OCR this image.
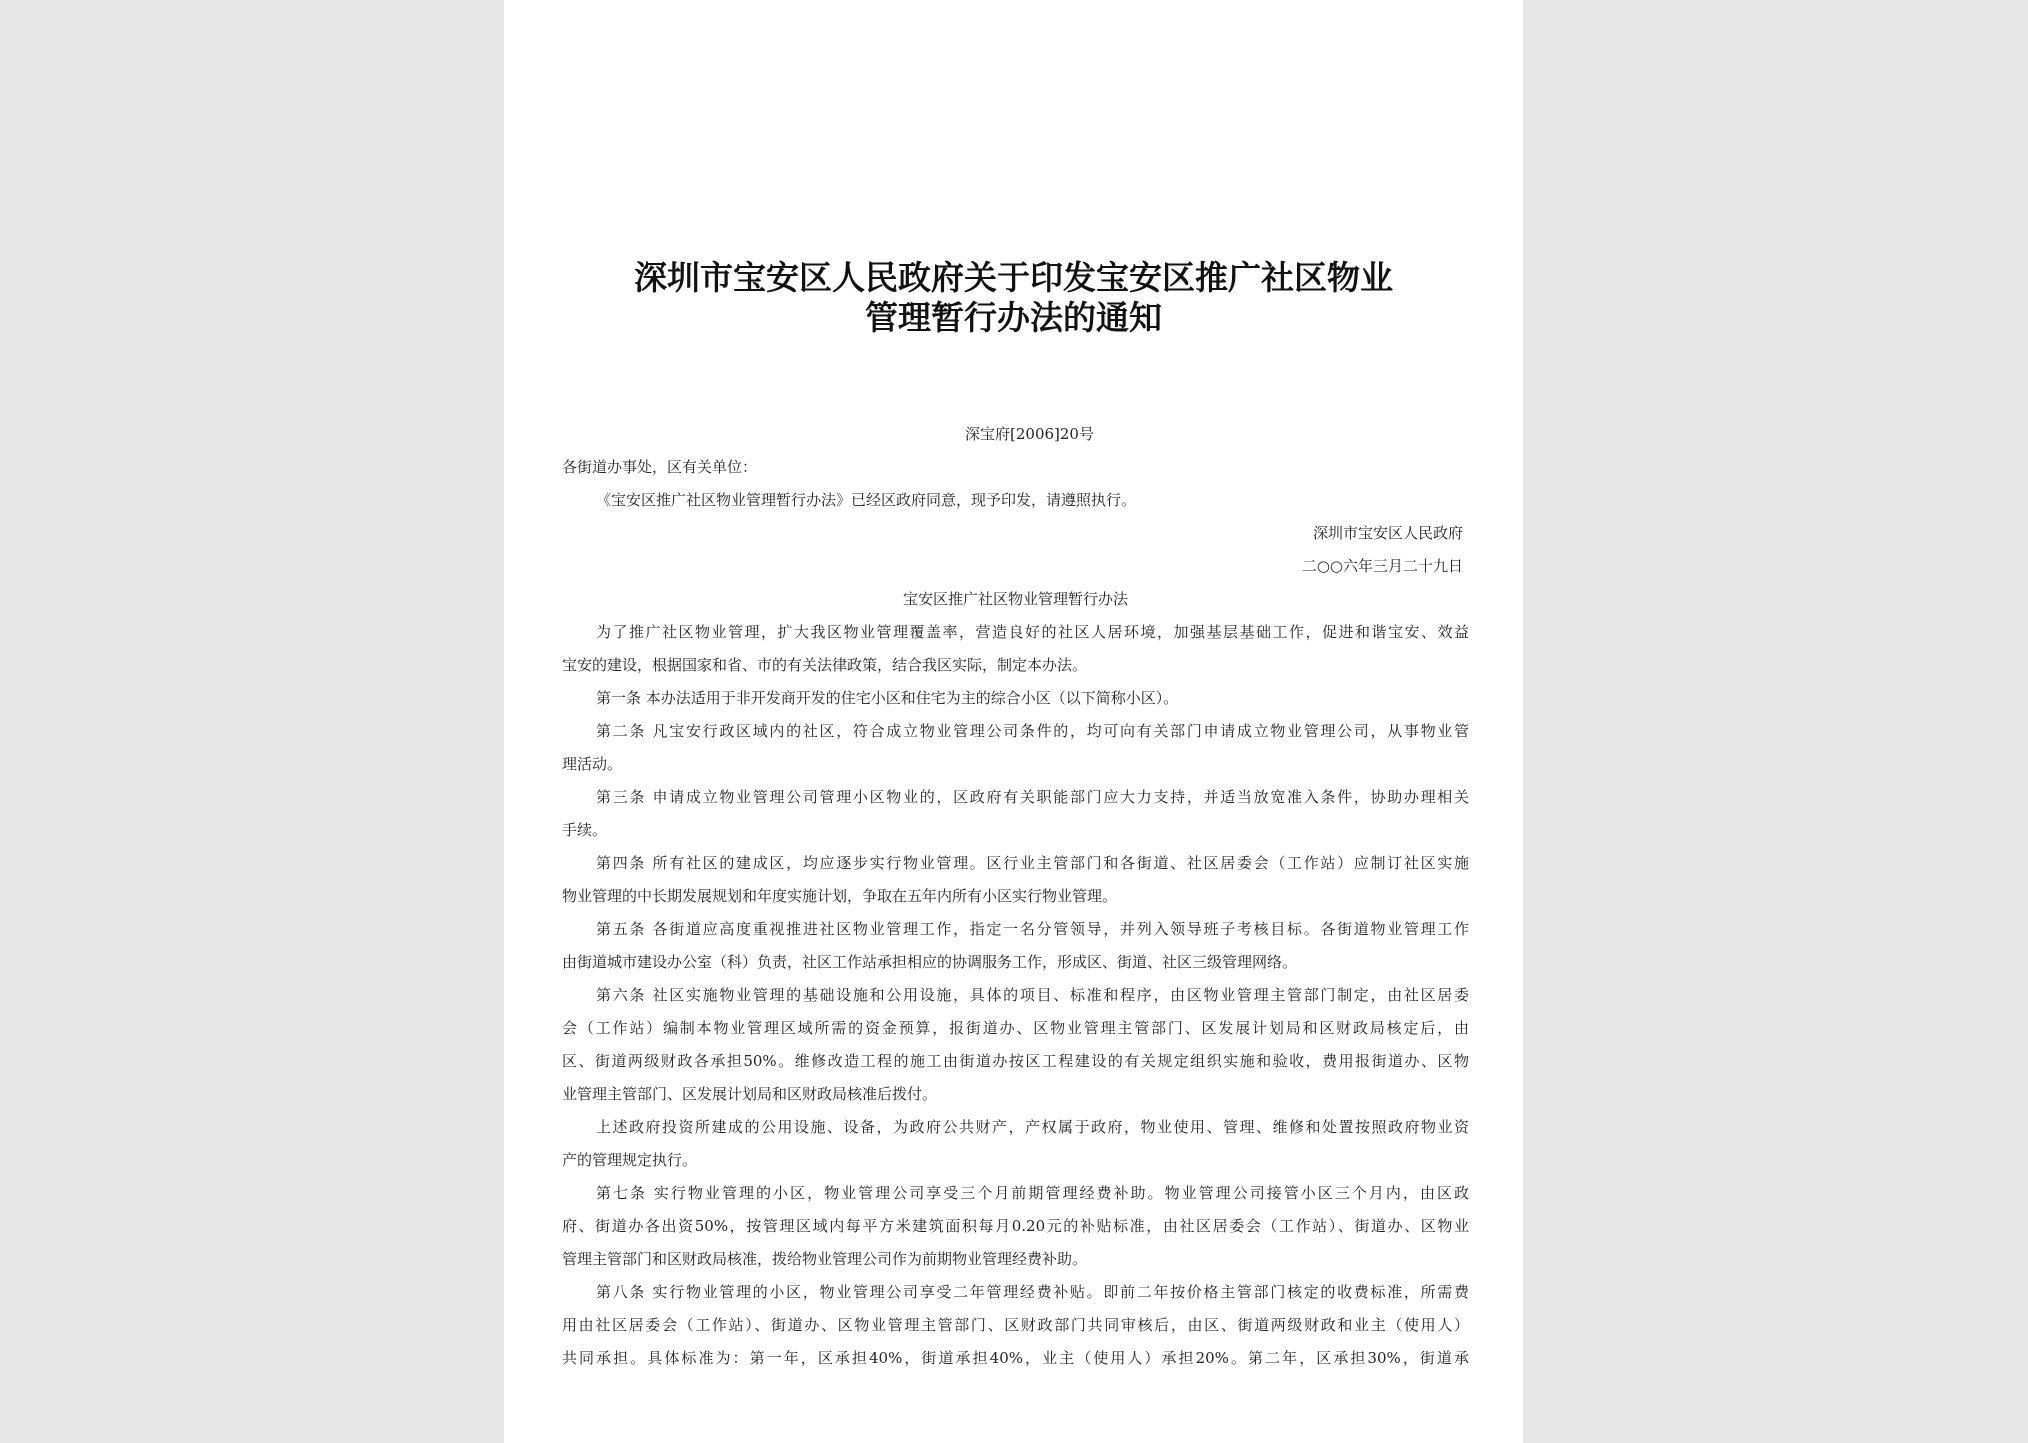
深圳市宝安区人民政府关于印发宝安区推广社区物业
管理暂行办法的通知
深宝府[2006]20号
各街道办事处，区有关单位：
《宝安区推广社区物业管理暂行办法》已经区政府同意，现予印发，请遵照执行。
深圳市宝安区人民政府
二○○六年三月二十九日
宝安区推广社区物业管理暂行办法
为了推广社区物业管理，扩大我区物业管理覆盖率，营造良好的社区人居环境，加强基层基础工作，促进和谐宝安、效益
宝安的建设，根据国家和省、市的有关法律政策，结合我区实际，制定本办法。
第一条 本办法适用于非开发商开发的住宅小区和住宅为主的综合小区（以下简称小区）。
第二条 凡宝安行政区域内的社区，符合成立物业管理公司条件的，均可向有关部门申请成立物业管理公司，从事物业管
理活动。
第三条 申请成立物业管理公司管理小区物业的，区政府有关职能部门应大力支持，并适当放宽准入条件，协助办理相关
手续。
第四条 所有社区的建成区，均应逐步实行物业管理。区行业主管部门和各街道、社区居委会（工作站）应制订社区实施
物业管理的中长期发展规划和年度实施计划，争取在五年内所有小区实行物业管理。
第五条 各街道应高度重视推进社区物业管理工作，指定一名分管领导，并列入领导班子考核目标。各街道物业管理工作
由街道城市建设办公室（科）负责，社区工作站承担相应的协调服务工作，形成区、街道、社区三级管理网络。
第六条 社区实施物业管理的基础设施和公用设施，具体的项目、标准和程序，由区物业管理主管部门制定，由社区居委
会（工作站）编制本物业管理区域所需的资金预算，报街道办、区物业管理主管部门、区发展计划局和区财政局核定后，由
区、街道两级财政各承担50%。维修改造工程的施工由街道办按区工程建设的有关规定组织实施和验收，费用报街道办、区物
业管理主管部门、区发展计划局和区财政局核准后拨付。
上述政府投资所建成的公用设施、设备，为政府公共财产，产权属于政府，物业使用、管理、维修和处置按照政府物业资
产的管理规定执行。
第七条 实行物业管理的小区，物业管理公司享受三个月前期管理经费补助。物业管理公司接管小区三个月内，由区政
府、街道办各出资50%，按管理区域内每平方米建筑面积每月0.20元的补贴标准，由社区居委会（工作站）、街道办、区物业
管理主管部门和区财政局核准，拨给物业管理公司作为前期物业管理经费补助。
第八条 实行物业管理的小区，物业管理公司享受二年管理经费补贴。即前二年按价格主管部门核定的收费标准，所需费
用由社区居委会（工作站）、街道办、区物业管理主管部门、区财政部门共同审核后，由区、街道两级财政和业主（使用人）
共同承担。具体标准为：第一年，区承担40%，街道承担40%，业主（使用人）承担20%。第二年，区承担30%，街道承
